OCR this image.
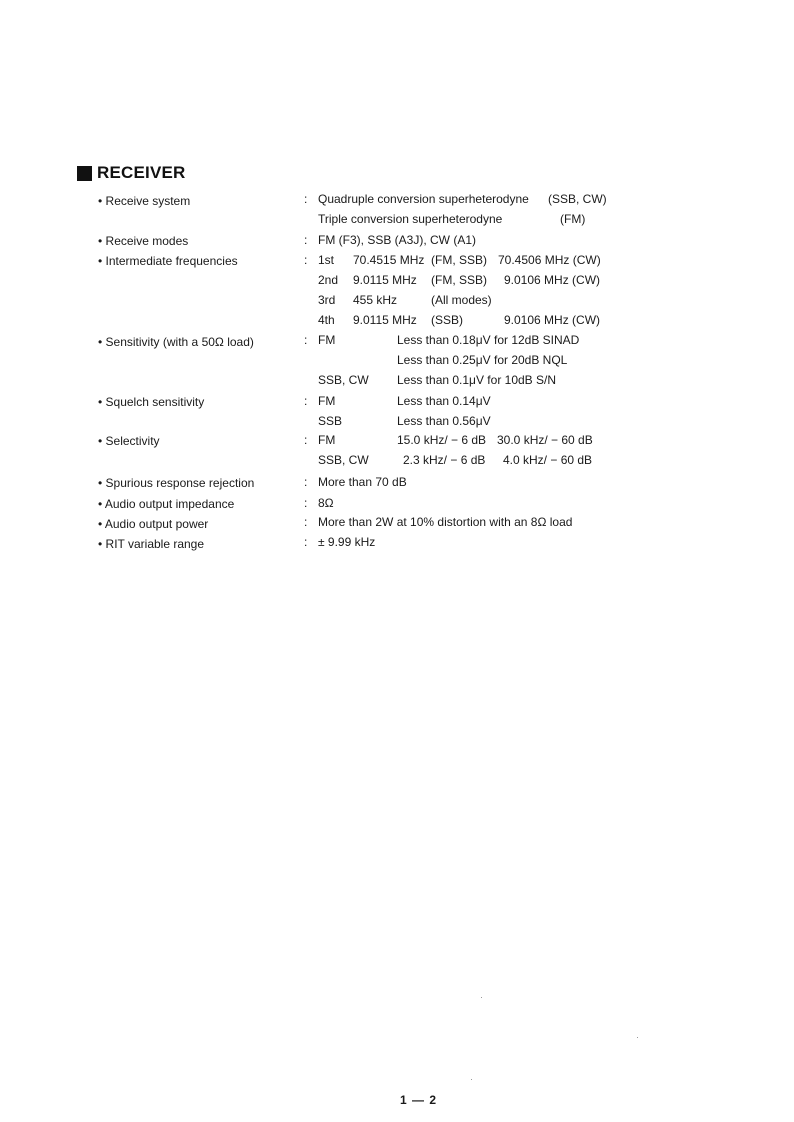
RECEIVER
• Receive system	: Quadruple conversion superheterodyne (SSB, CW)
Triple conversion superheterodyne	(FM)
• Receive modes	: FM (F3), SSB (A3J), CW (A1)
• Intermediate frequencies	: 1st 70.4515 MHz (FM, SSB) 70.4506 MHz (CW)
2nd 9.0115 MHz (FM, SSB) 9.0106 MHz (CW)
3rd 455 kHz	(All modes)
4th 9.0115 MHz (SSB)	9.0106 MHz (CW)
• Sensitivity (with a 50Ω load)	: FM	Less than 0.18μV for 12dB SINAD
Less than 0.25μV for 20dB NQL
SSB, CW Less than 0.1μV for 10dB S/N
• Squelch sensitivity	: FM	Less than 0.14μV
SSB	Less than 0.56μV
• Selectivity	: FM	15.0 kHz/ − 6 dB 30.0 kHz/ − 60 dB
SSB, CW	2.3 kHz/ − 6 dB 4.0 kHz/ − 60 dB
• Spurious response rejection	: More than 70 dB
• Audio output impedance	: 8Ω
• Audio output power	: More than 2W at 10% distortion with an 8Ω load
• RIT variable range	: ± 9.99 kHz
1 — 2
